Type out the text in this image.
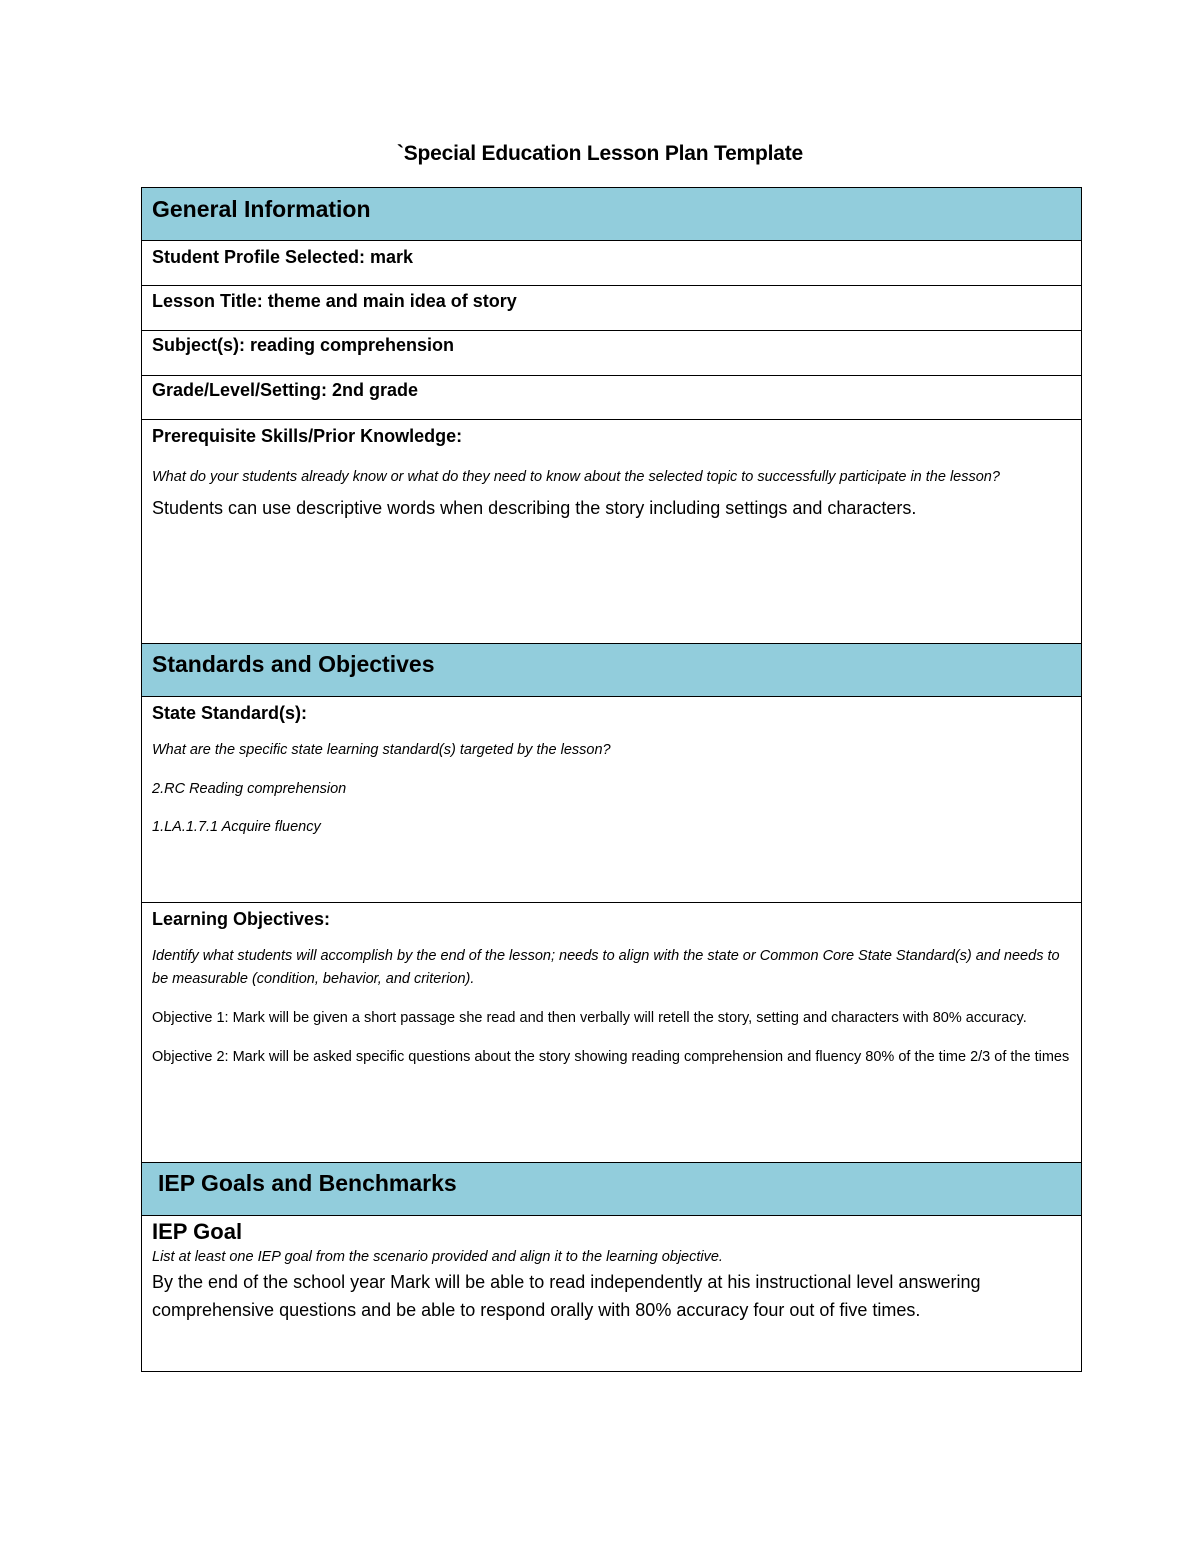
`Special Education Lesson Plan Template
General Information

Student Profile Selected: mark

Lesson Title: theme and main idea of story

Subject(s): reading comprehension

Grade/Level/Setting: 2nd grade

Prerequisite Skills/Prior Knowledge:

What do your students already know or what do they need to know about the selected topic to successfully participate in the lesson?

Students can use descriptive words when describing the story including settings and characters.

Standards and Objectives

State Standard(s):

What are the specific state learning standard(s) targeted by the lesson?

2.RC Reading comprehension

1.LA.1.7.1 Acquire fluency

Learning Objectives:

Identify what students will accomplish by the end of the lesson; needs to align with the state or Common Core State Standard(s) and needs to be measurable (condition, behavior, and criterion).

Objective 1: Mark will be given a short passage she read and then verbally will retell the story, setting and characters with 80% accuracy.

Objective 2: Mark will be asked specific questions about the story showing reading comprehension and fluency 80% of the time 2/3 of the times

IEP Goals and Benchmarks

IEP Goal

List at least one IEP goal from the scenario provided and align it to the learning objective.

By the end of the school year Mark will be able to read independently at his instructional level answering comprehensive questions and be able to respond orally with 80% accuracy four out of five times.
